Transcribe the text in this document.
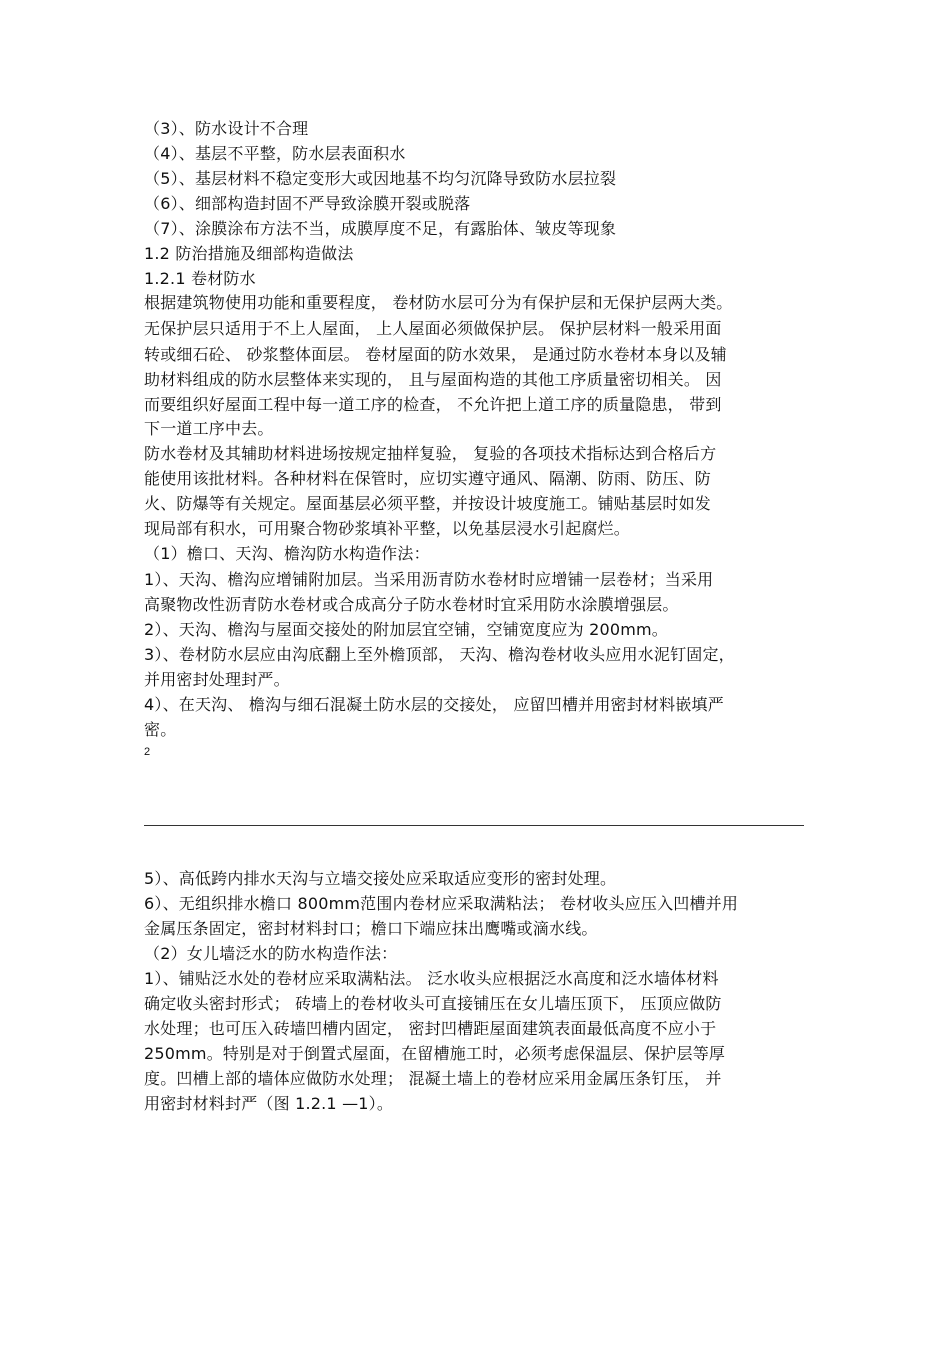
（3）、防水设计不合理
（4）、基层不平整，防水层表面积水
（5）、基层材料不稳定变形大或因地基不均匀沉降导致防水层拉裂
（6）、细部构造封固不严导致涂膜开裂或脱落
（7）、涂膜涂布方法不当，成膜厚度不足，有露胎体、皱皮等现象
1.2 防治措施及细部构造做法
1.2.1 卷材防水
根据建筑物使用功能和重要程度， 卷材防水层可分为有保护层和无保护层两大类。
无保护层只适用于不上人屋面， 上人屋面必须做保护层。 保护层材料一般采用面
转或细石砼、 砂浆整体面层。 卷材屋面的防水效果， 是通过防水卷材本身以及辅
助材料组成的防水层整体来实现的， 且与屋面构造的其他工序质量密切相关。 因
而要组织好屋面工程中每一道工序的检查， 不允许把上道工序的质量隐患， 带到
下一道工序中去。
防水卷材及其辅助材料进场按规定抽样复验， 复验的各项技术指标达到合格后方
能使用该批材料。各种材料在保管时，应切实遵守通风、隔潮、防雨、防压、防
火、防爆等有关规定。屋面基层必须平整，并按设计坡度施工。铺贴基层时如发
现局部有积水，可用聚合物砂浆填补平整，以免基层浸水引起腐烂。
（1）檐口、天沟、檐沟防水构造作法：
1）、天沟、檐沟应增铺附加层。当采用沥青防水卷材时应增铺一层卷材；当采用
高聚物改性沥青防水卷材或合成高分子防水卷材时宜采用防水涂膜增强层。
2）、天沟、檐沟与屋面交接处的附加层宜空铺，空铺宽度应为 200mm。
3）、卷材防水层应由沟底翻上至外檐顶部， 天沟、檐沟卷材收头应用水泥钉固定，
并用密封处理封严。
4）、在天沟、 檐沟与细石混凝土防水层的交接处， 应留凹槽并用密封材料嵌填严
密。
2
5）、高低跨内排水天沟与立墙交接处应采取适应变形的密封处理。
6）、无组织排水檐口 800mm范围内卷材应采取满粘法； 卷材收头应压入凹槽并用
金属压条固定，密封材料封口；檐口下端应抹出鹰嘴或滴水线。
（2）女儿墙泛水的防水构造作法：
1）、铺贴泛水处的卷材应采取满粘法。 泛水收头应根据泛水高度和泛水墙体材料
确定收头密封形式； 砖墙上的卷材收头可直接铺压在女儿墙压顶下， 压顶应做防
水处理；也可压入砖墙凹槽内固定， 密封凹槽距屋面建筑表面最低高度不应小于
250mm。特别是对于倒置式屋面，在留槽施工时，必须考虑保温层、保护层等厚
度。凹槽上部的墙体应做防水处理； 混凝土墙上的卷材应采用金属压条钉压， 并
用密封材料封严（图 1.2.1 —1）。
